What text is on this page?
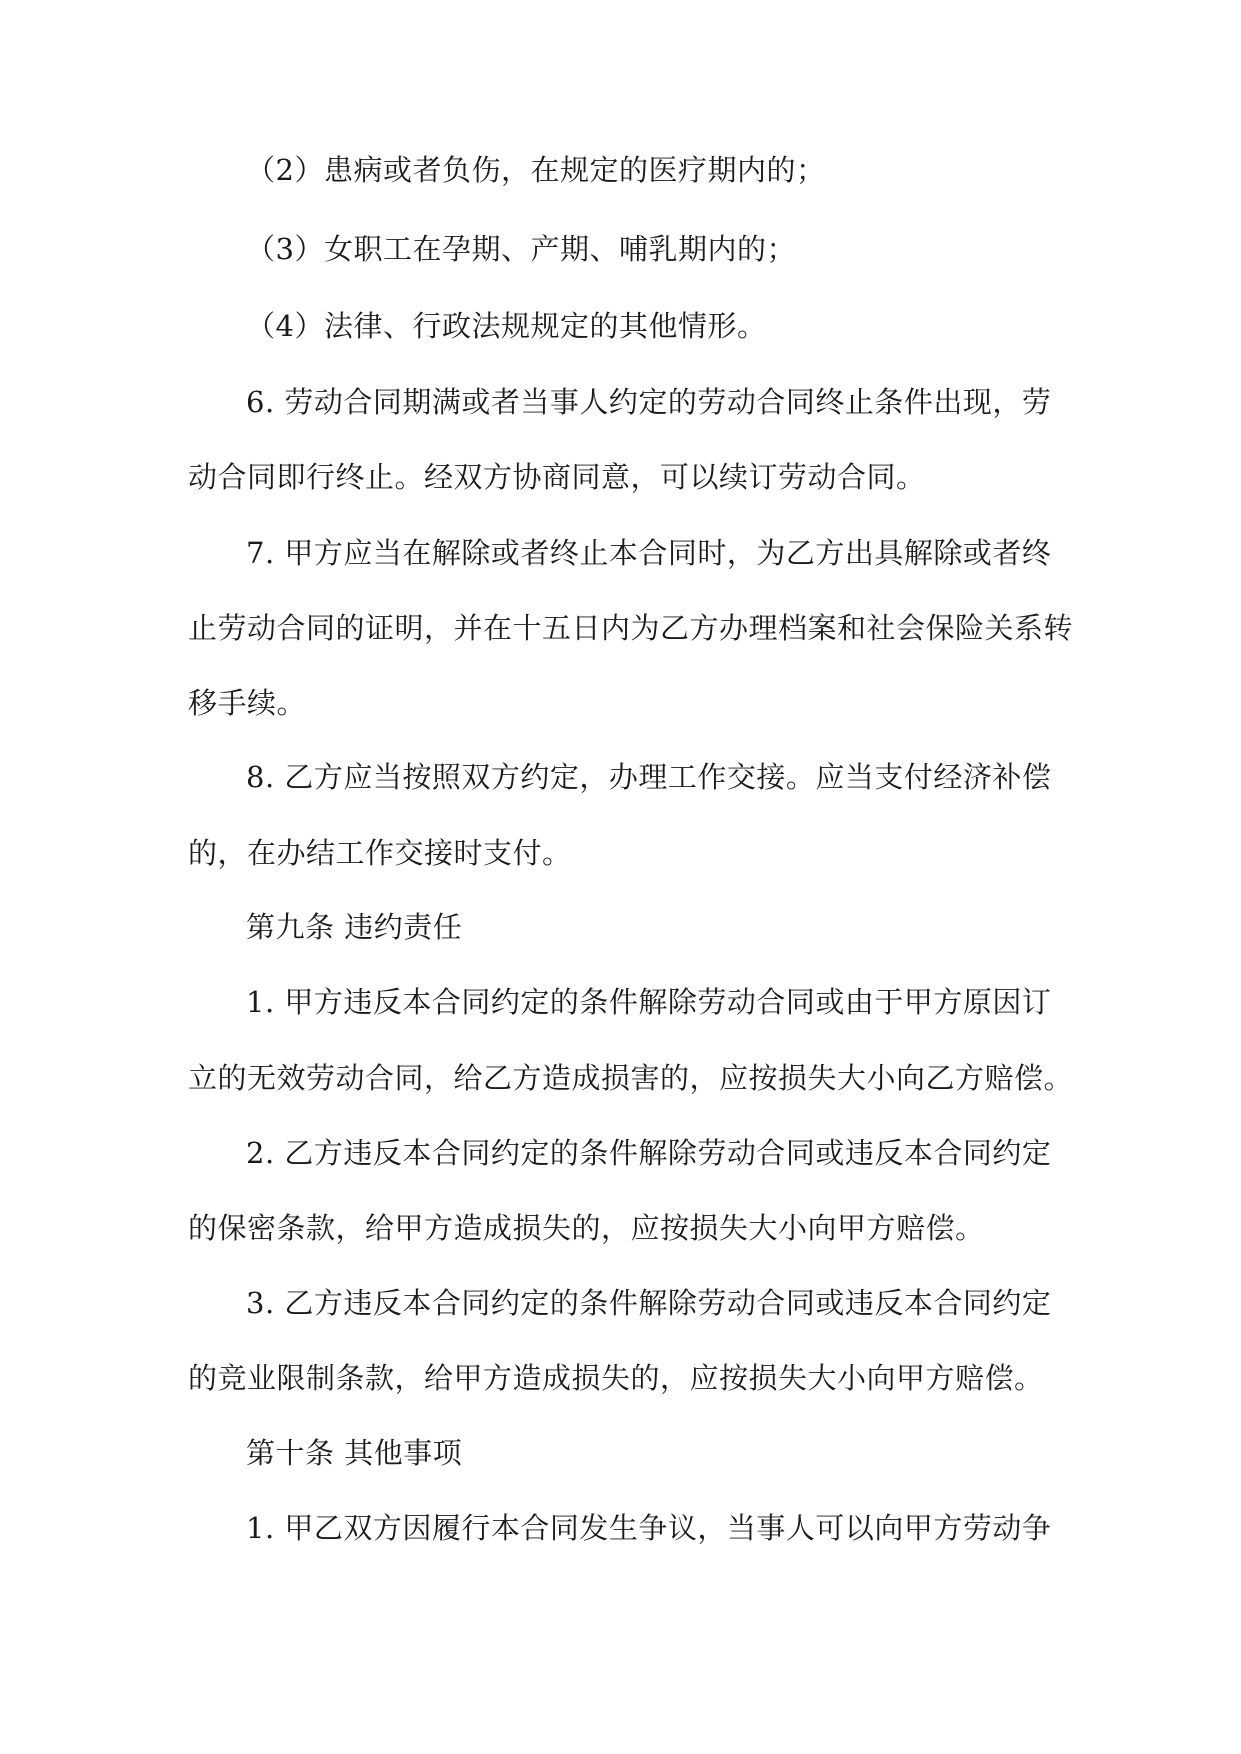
（2）患病或者负伤，在规定的医疗期内的；
（3）女职工在孕期、产期、哺乳期内的；
（4）法律、行政法规规定的其他情形。
6. 劳动合同期满或者当事人约定的劳动合同终止条件出现，劳
动合同即行终止。经双方协商同意，可以续订劳动合同。
7. 甲方应当在解除或者终止本合同时，为乙方出具解除或者终
止劳动合同的证明，并在十五日内为乙方办理档案和社会保险关系转
移手续。
8. 乙方应当按照双方约定，办理工作交接。应当支付经济补偿
的，在办结工作交接时支付。
第九条 违约责任
1. 甲方违反本合同约定的条件解除劳动合同或由于甲方原因订
立的无效劳动合同，给乙方造成损害的，应按损失大小向乙方赔偿。
2. 乙方违反本合同约定的条件解除劳动合同或违反本合同约定
的保密条款，给甲方造成损失的，应按损失大小向甲方赔偿。
3. 乙方违反本合同约定的条件解除劳动合同或违反本合同约定
的竞业限制条款，给甲方造成损失的，应按损失大小向甲方赔偿。
第十条 其他事项
1. 甲乙双方因履行本合同发生争议，当事人可以向甲方劳动争
